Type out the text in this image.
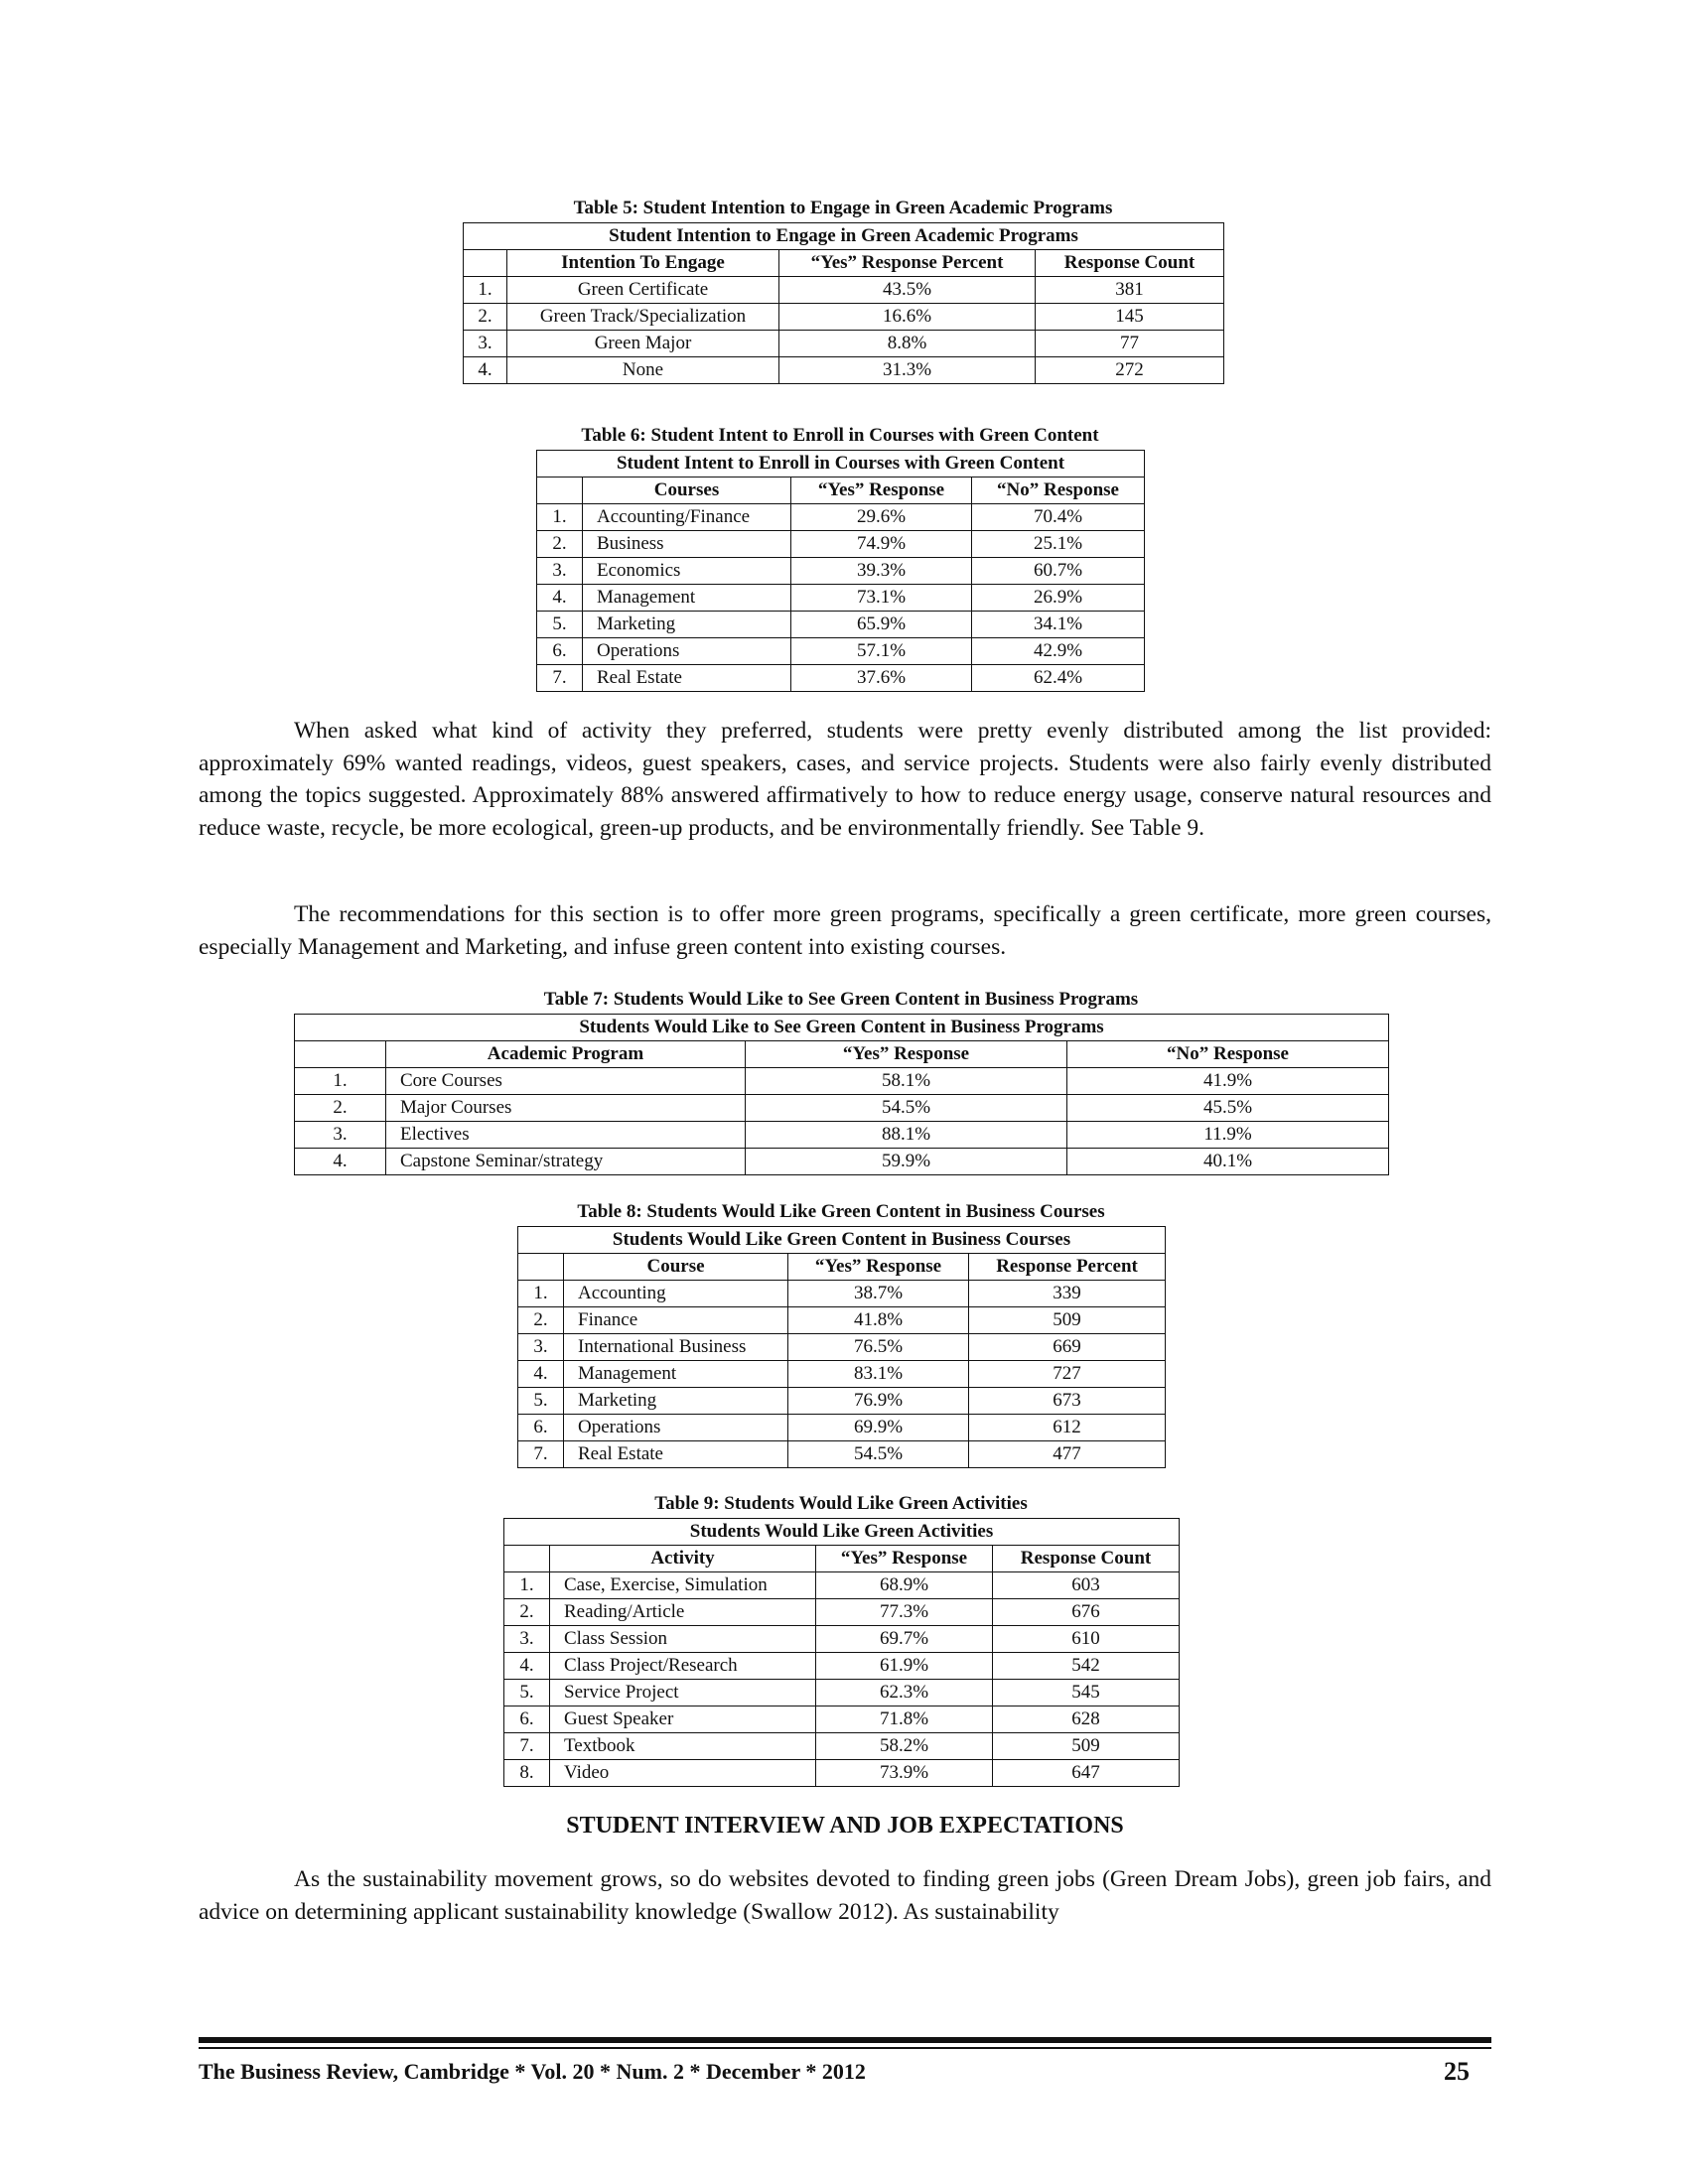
Table 5: Student Intention to Engage in Green Academic Programs
Student Intention to Engage in Green Academic Programs			
	Intention To Engage	“Yes” Response Percent	Response Count
1.	Green Certificate	43.5%	381
2.	Green Track/Specialization	16.6%	145
3.	Green Major	8.8%	77
4.	None	31.3%	272
Table 6: Student Intent to Enroll in Courses with Green Content
Student Intent to Enroll in Courses with Green Content			
	Courses	“Yes” Response	“No” Response
1.	Accounting/Finance	29.6%	70.4%
2.	Business	74.9%	25.1%
3.	Economics	39.3%	60.7%
4.	Management	73.1%	26.9%
5.	Marketing	65.9%	34.1%
6.	Operations	57.1%	42.9%
7.	Real Estate	37.6%	62.4%

When asked what kind of activity they preferred, students were pretty evenly distributed among the list provided: approximately 69% wanted readings, videos, guest speakers, cases, and service projects. Students were also fairly evenly distributed among the topics suggested. Approximately 88% answered affirmatively to how to reduce energy usage, conserve natural resources and reduce waste, recycle, be more ecological, green-up products, and be environmentally friendly. See Table 9.

The recommendations for this section is to offer more green programs, specifically a green certificate, more green courses, especially Management and Marketing, and infuse green content into existing courses.

Table 7: Students Would Like to See Green Content in Business Programs
Students Would Like to See Green Content in Business Programs			
	Academic Program	“Yes” Response	“No” Response
1.	Core Courses	58.1%	41.9%
2.	Major Courses	54.5%	45.5%
3.	Electives	88.1%	11.9%
4.	Capstone Seminar/strategy	59.9%	40.1%
Table 8: Students Would Like Green Content in Business Courses
Students Would Like Green Content in Business Courses			
	Course	“Yes” Response	Response Percent
1.	Accounting	38.7%	339
2.	Finance	41.8%	509
3.	International Business	76.5%	669
4.	Management	83.1%	727
5.	Marketing	76.9%	673
6.	Operations	69.9%	612
7.	Real Estate	54.5%	477
Table 9: Students Would Like Green Activities
Students Would Like Green Activities			
	Activity	“Yes” Response	Response Count
1.	Case, Exercise, Simulation	68.9%	603
2.	Reading/Article	77.3%	676
3.	Class Session	69.7%	610
4.	Class Project/Research	61.9%	542
5.	Service Project	62.3%	545
6.	Guest Speaker	71.8%	628
7.	Textbook	58.2%	509
8.	Video	73.9%	647
STUDENT INTERVIEW AND JOB EXPECTATIONS

As the sustainability movement grows, so do websites devoted to finding green jobs (Green Dream Jobs), green job fairs, and advice on determining applicant sustainability knowledge (Swallow 2012). As sustainability

The Business Review, Cambridge * Vol. 20 * Num. 2 * December * 2012	25
